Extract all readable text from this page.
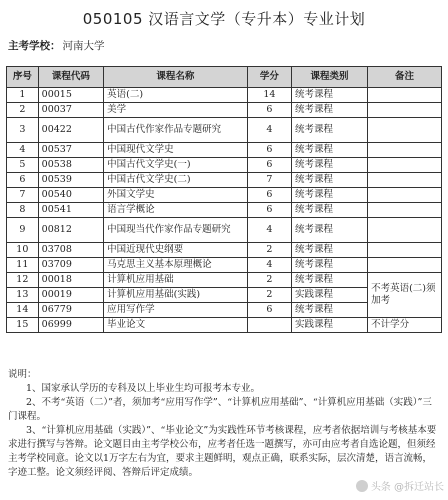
050105 汉语言文学（专升本）专业计划
主考学校： 河南大学
序号	课程代码	课程名称	学分	课程类别	备注
1	00015	英语(二)	14	统考课程	
2	00037	美学	6	统考课程	
3	00422	中国古代作家作品专题研究	4	统考课程	
4	00537	中国现代文学史	6	统考课程	
5	00538	中国古代文学史(一)	6	统考课程	
6	00539	中国古代文学史(二)	7	统考课程	
7	00540	外国文学史	6	统考课程	
8	00541	语言学概论	6	统考课程	
9	00812	中国现当代作家作品专题研究	4	统考课程	
10	03708	中国近现代史纲要	2	统考课程	
11	03709	马克思主义基本原理概论	4	统考课程	
12	00018	计算机应用基础	2	统考课程	不考英语(二)须加考
13	00019	计算机应用基础(实践)	2	实践课程	
14	06779	应用写作学	6	统考课程	
15	06999	毕业论文		实践课程	不计学分

说明：

1、国家承认学历的专科及以上毕业生均可报考本专业。

2、不考“英语（二）”者，须加考“应用写作学”、“计算机应用基础”、“计算机应用基础（实践）”三门课程。

3、“计算机应用基础（实践）”、“毕业论文”为实践性环节考核课程，应考者依据培训与考核基本要求进行撰写与答辩。论文题目由主考学校公布，应考者任选一题撰写，亦可由应考者自选论题，但须经主考学校同意。论文以1万字左右为宜，要求主题鲜明，观点正确，联系实际，层次清楚，语言流畅，字迹工整。论文须经评阅、答辩后评定成绩。

头条 @拆迁站长
